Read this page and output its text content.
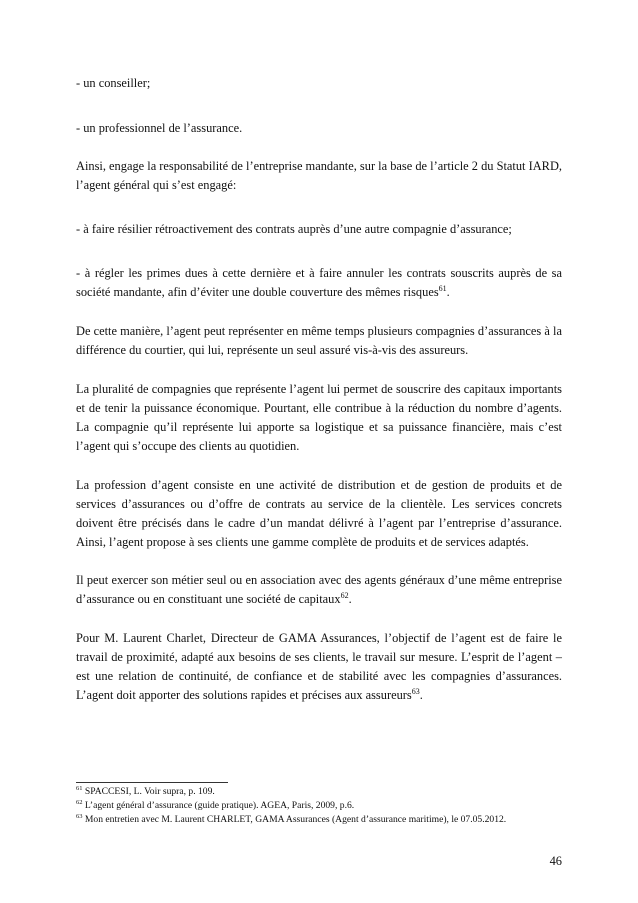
- un conseiller;

- un professionnel de l’assurance.

Ainsi, engage la responsabilité de l’entreprise mandante, sur la base de l’article 2 du Statut IARD, l’agent général qui s’est engagé:

- à faire résilier rétroactivement des contrats auprès d’une autre compagnie d’assurance;

- à régler les primes dues à cette dernière et à faire annuler les contrats souscrits auprès de sa société mandante, afin d’éviter une double couverture des mêmes risques$^{61}$.

De cette manière, l’agent peut représenter en même temps plusieurs compagnies d’assurances à la différence du courtier, qui lui, représente un seul assuré vis-à-vis des assureurs.

La pluralité de compagnies que représente l’agent lui permet de souscrire des capitaux importants et de tenir la puissance économique. Pourtant, elle contribue à la réduction du nombre d’agents. La compagnie qu’il représente lui apporte sa logistique et sa puissance financière, mais c’est l’agent qui s’occupe des clients au quotidien.

La profession d’agent consiste en une activité de distribution et de gestion de produits et de services d’assurances ou d’offre de contrats au service de la clientèle. Les services concrets doivent être précisés dans le cadre d’un mandat délivré à l’agent par l’entreprise d’assurance. Ainsi, l’agent propose à ses clients une gamme complète de produits et de services adaptés.

Il peut exercer son métier seul ou en association avec des agents généraux d’une même entreprise d’assurance ou en constituant une société de capitaux$^{62}$.

Pour M. Laurent Charlet, Directeur de GAMA Assurances, l’objectif de l’agent est de faire le travail de proximité, adapté aux besoins de ses clients, le travail sur mesure. L’esprit de l’agent – est une relation de continuité, de confiance et de stabilité avec les compagnies d’assurances. L’agent doit apporter des solutions rapides et précises aux assureurs$^{63}$.

$^{61}$ SPACCESI, L. Voir supra, p. 109.

$^{62}$ L’agent général d’assurance (guide pratique). AGEA, Paris, 2009, p.6.

$^{63}$ Mon entretien avec M. Laurent CHARLET, GAMA Assurances (Agent d’assurance maritime), le 07.05.2012.

46
